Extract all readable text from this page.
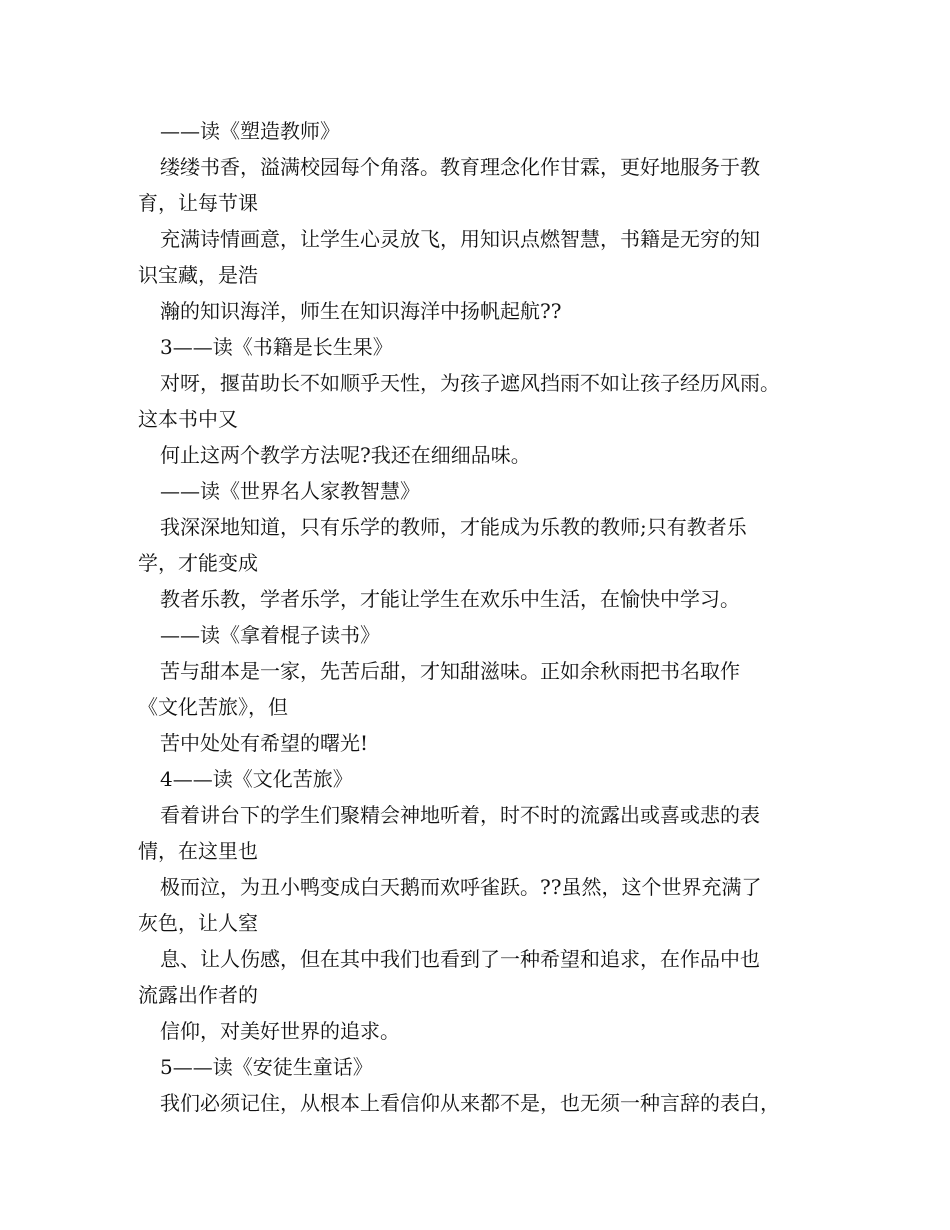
——读《塑造教师》
缕缕书香，溢满校园每个角落。教育理念化作甘霖，更好地服务于教
育，让每节课
充满诗情画意，让学生心灵放飞，用知识点燃智慧，书籍是无穷的知
识宝藏，是浩
瀚的知识海洋，师生在知识海洋中扬帆起航??
3——读《书籍是长生果》
对呀，揠苗助长不如顺乎天性，为孩子遮风挡雨不如让孩子经历风雨。
这本书中又
何止这两个教学方法呢?我还在细细品味。
——读《世界名人家教智慧》
我深深地知道，只有乐学的教师，才能成为乐教的教师;只有教者乐
学，才能变成
教者乐教，学者乐学，才能让学生在欢乐中生活，在愉快中学习。
——读《拿着棍子读书》
苦与甜本是一家，先苦后甜，才知甜滋味。正如余秋雨把书名取作
《文化苦旅》，但
苦中处处有希望的曙光!
4——读《文化苦旅》
看着讲台下的学生们聚精会神地听着，时不时的流露出或喜或悲的表
情，在这里也
极而泣，为丑小鸭变成白天鹅而欢呼雀跃。??虽然，这个世界充满了
灰色，让人窒
息、让人伤感，但在其中我们也看到了一种希望和追求，在作品中也
流露出作者的
信仰，对美好世界的追求。
5——读《安徒生童话》
我们必须记住，从根本上看信仰从来都不是，也无须一种言辞的表白，
